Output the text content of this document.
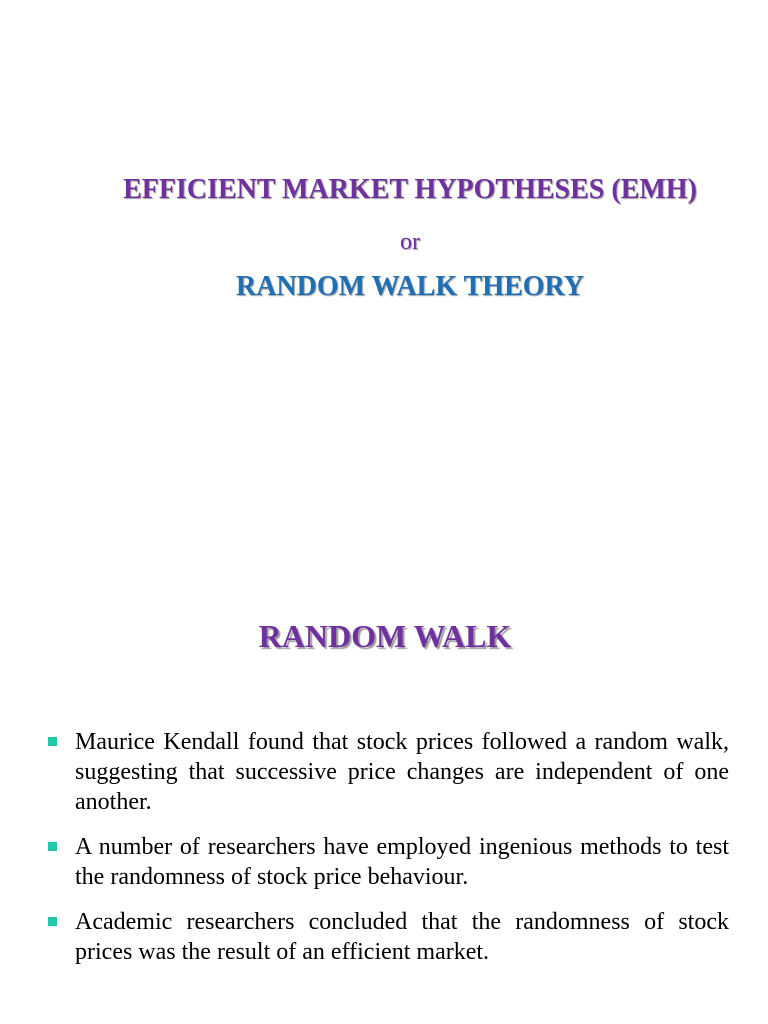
EFFICIENT MARKET HYPOTHESES (EMH)
or
RANDOM WALK THEORY
RANDOM WALK
Maurice Kendall found that stock prices followed a random walk, suggesting that successive price changes are independent of one another.
A number of researchers have employed ingenious methods to test the randomness of stock price behaviour.
Academic researchers concluded that the randomness of stock prices was the result of an efficient market.
